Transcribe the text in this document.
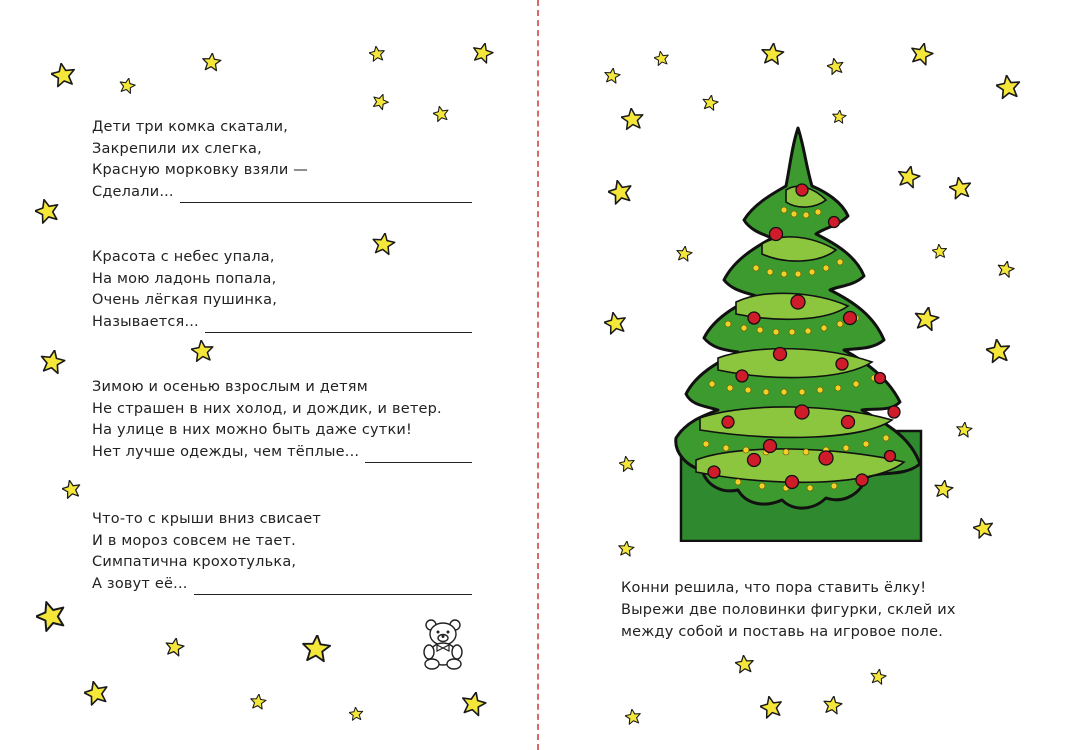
Дети три комка скатали,
Закрепили их слегка,
Красную морковку взяли —
Сделали...
Красота с небес упала,
На мою ладонь попала,
Очень лёгкая пушинка,
Называется...
Зимою и осенью взрослым и детям
Не страшен в них холод, и дождик, и ветер.
На улице в них можно быть даже сутки!
Нет лучше одежды, чем тёплые...
Что-то с крыши вниз свисает
И в мороз совсем не тает.
Симпатична крохотулька,
А зовут её...	Конни решила, что пора ставить ёлку!
Вырежи две половинки фигурки, склей их
между собой и поставь на игровое поле.
